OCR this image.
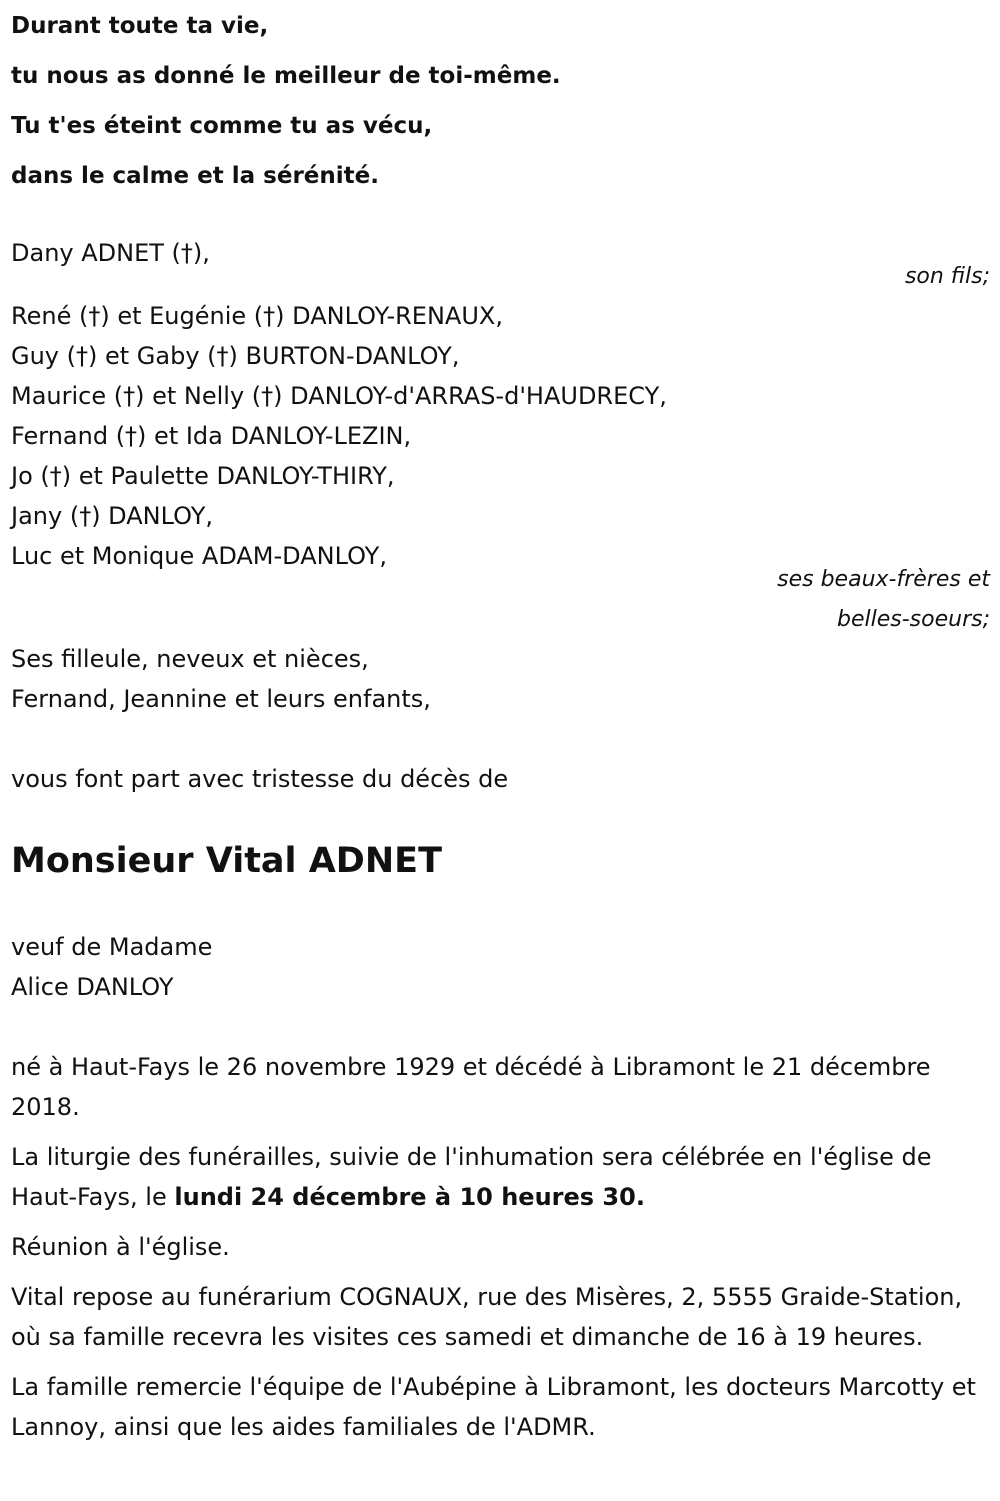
Durant toute ta vie,
tu nous as donné le meilleur de toi-même.
Tu t'es éteint comme tu as vécu,
dans le calme et la sérénité.
Dany ADNET (†),
son fils;
René (†) et Eugénie (†) DANLOY-RENAUX,
Guy (†) et Gaby (†) BURTON-DANLOY,
Maurice (†) et Nelly (†) DANLOY-d'ARRAS-d'HAUDRECY,
Fernand (†) et Ida DANLOY-LEZIN,
Jo (†) et Paulette DANLOY-THIRY,
Jany (†) DANLOY,
Luc et Monique ADAM-DANLOY,
ses beaux-frères et
belles-soeurs;
Ses filleule, neveux et nièces,
Fernand, Jeannine et leurs enfants,
vous font part avec tristesse du décès de
Monsieur Vital ADNET
veuf de Madame
Alice DANLOY
né à Haut-Fays le 26 novembre 1929 et décédé à Libramont le 21 décembre 2018.
La liturgie des funérailles, suivie de l'inhumation sera célébrée en l'église de Haut-Fays, le lundi 24 décembre à 10 heures 30.
Réunion à l'église.
Vital repose au funérarium COGNAUX, rue des Misères, 2, 5555 Graide-Station, où sa famille recevra les visites ces samedi et dimanche de 16 à 19 heures.
La famille remercie l'équipe de l'Aubépine à Libramont, les docteurs Marcotty et Lannoy, ainsi que les aides familiales de l'ADMR.
